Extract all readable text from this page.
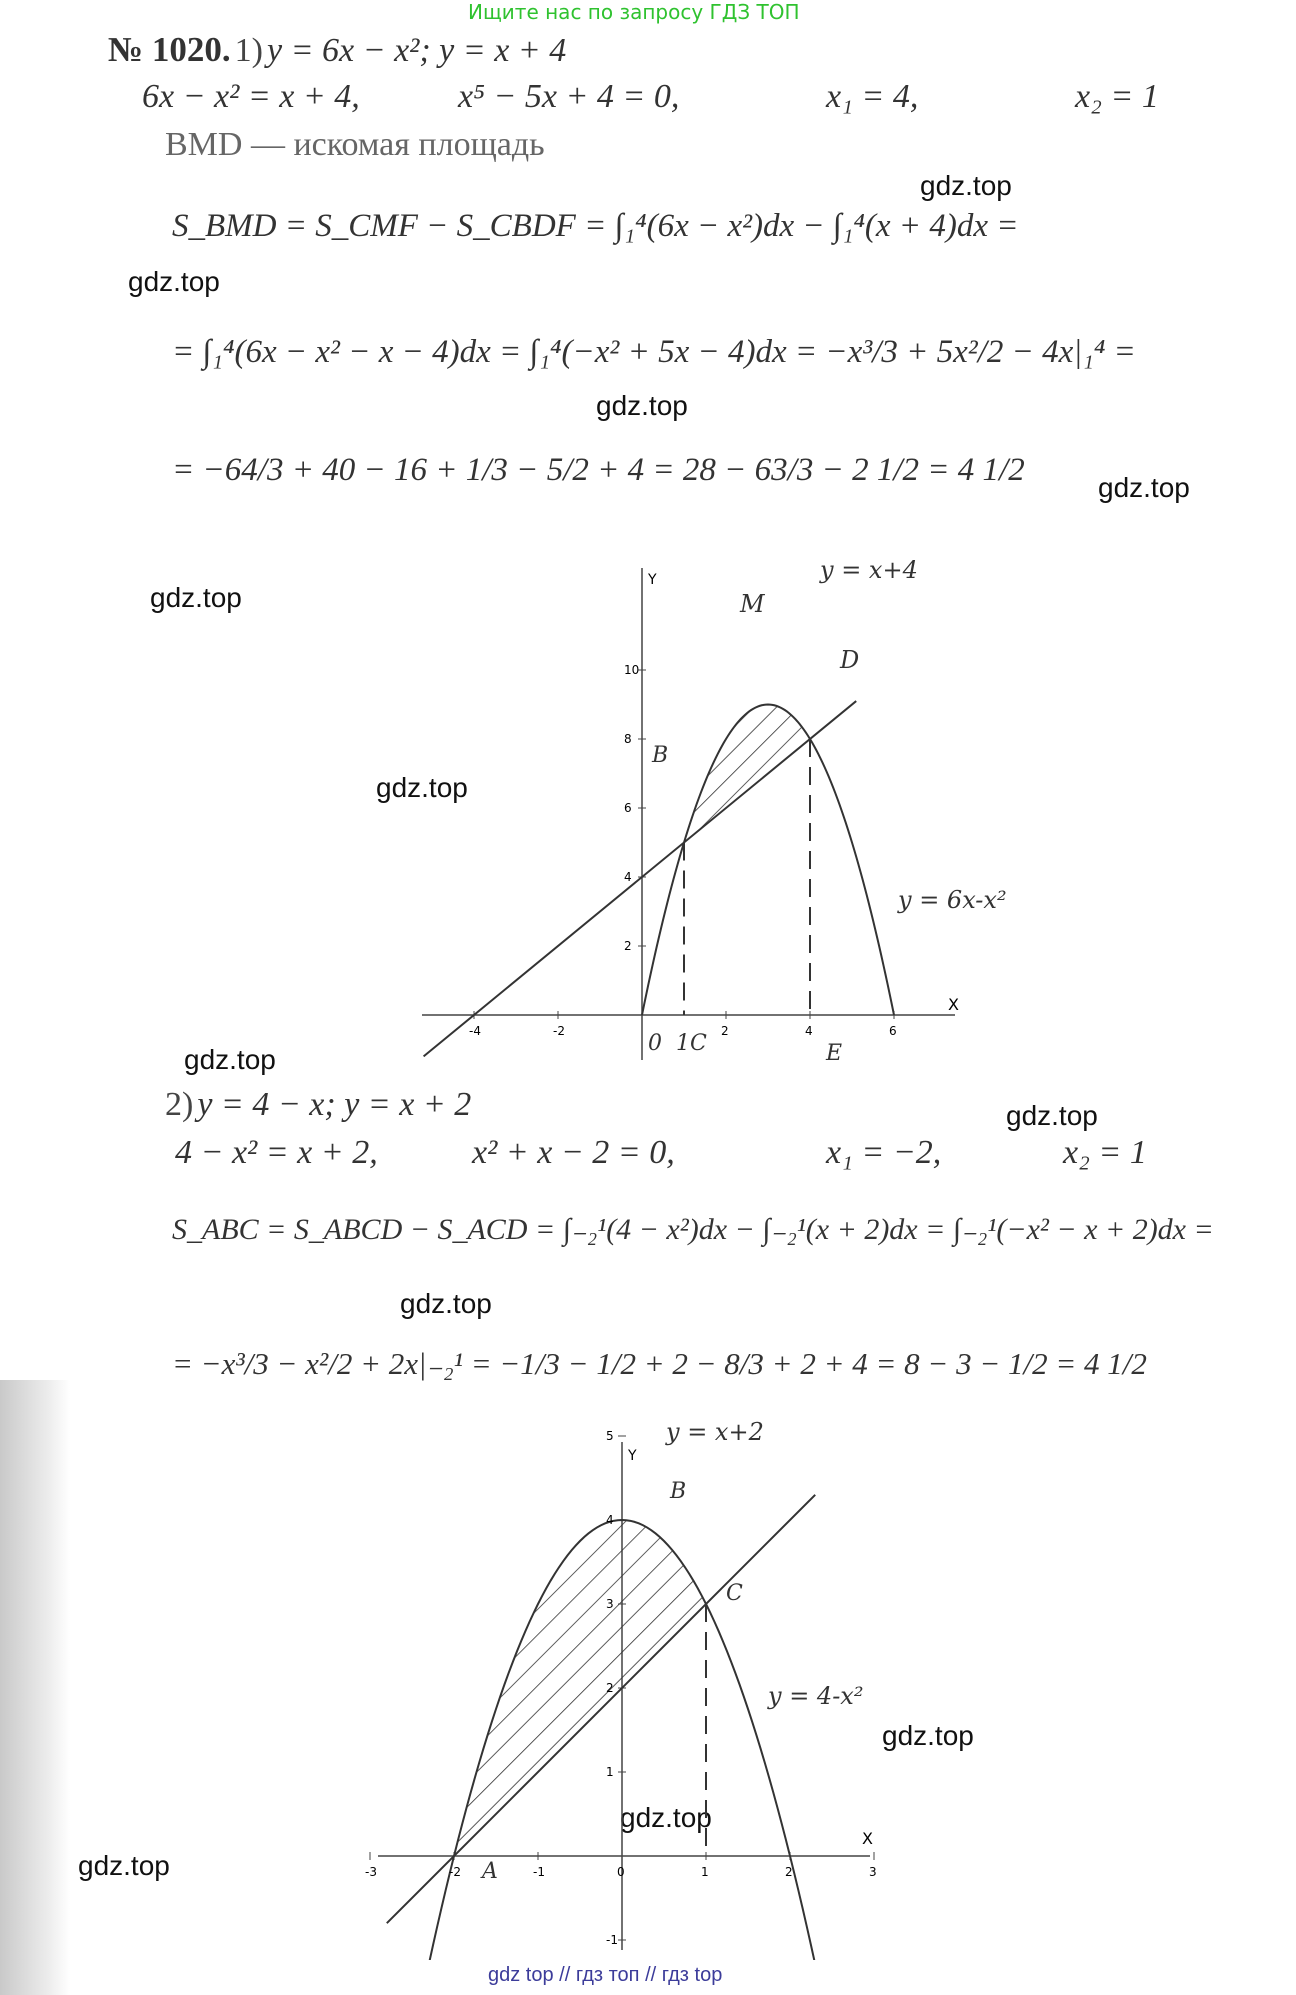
Ищите нас по запросу ГДЗ ТОП
№ 1020. 1) y = 6x − x²; y = x + 4
6x − x² = x + 4,	x⁵ − 5x + 4 = 0,	x₁ = 4,	x₂ = 1
BMD — искомая площадь
S_BMD = S_CMF − S_CBDF = ∫₁⁴(6x − x²)dx − ∫₁⁴(x + 4)dx =
= ∫₁⁴(6x − x² − x − 4)dx = ∫₁⁴(−x² + 5x − 4)dx = −x³/3 + 5x²/2 − 4x|₁⁴ =
= −64/3 + 40 − 16 + 1/3 − 5/2 + 4 = 28 − 63/3 − 2 1/2 = 4 1/2
gdz.top
gdz.top
gdz.top
gdz.top
gdz.top
gdz.top
gdz.top
gdz.top
gdz.top
gdz.top
gdz.top
gdz.top
X
Y
-4	-2	2	4	6
2
4
6
8
10
M
D
B
0 1C	E
y = x+4
y = 6x-x²
2) y = 4 − x; y = x + 2
4 − x² = x + 2,	x² + x − 2 = 0,	x₁ = −2,	x₂ = 1
S_ABC = S_ABCD − S_ACD = ∫₋₂¹(4 − x²)dx − ∫₋₂¹(x + 2)dx = ∫₋₂¹(−x² − x + 2)dx =
= −x³/3 − x²/2 + 2x|₋₂¹ = −1/3 − 1/2 + 2 − 8/3 + 2 + 4 = 8 − 3 − 1/2 = 4 1/2
X
Y
-3	-2	-1	0	1	2	3
-1
1
2
3
4
5
B
C
A
y = x+2
y = 4-x²
gdz top // гдз топ // гдз top
